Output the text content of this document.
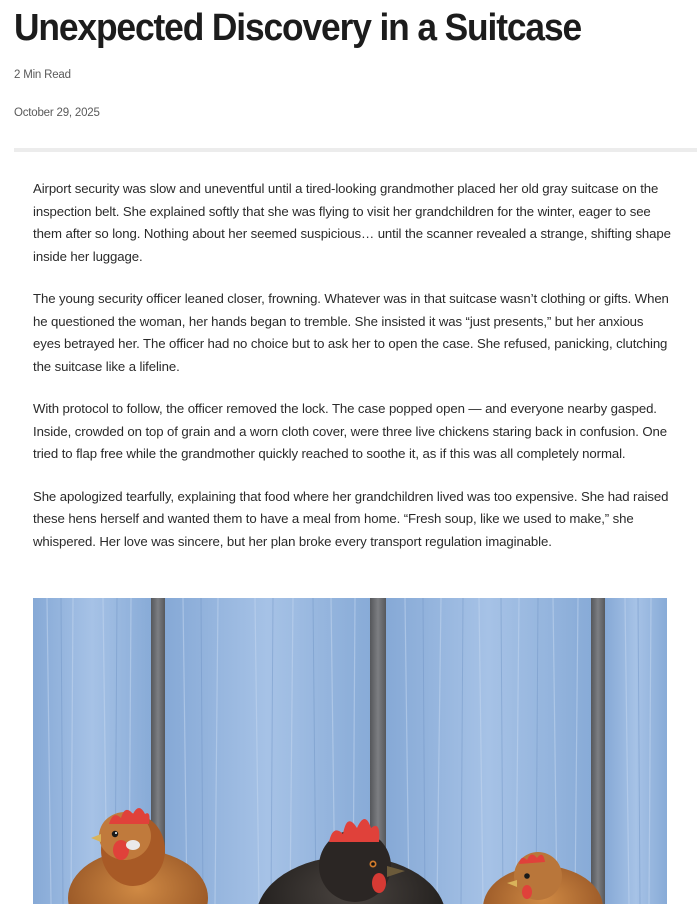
Unexpected Discovery in a Suitcase
2 Min Read
October 29, 2025

Airport security was slow and uneventful until a tired-looking grandmother placed her old gray suitcase on the inspection belt. She explained softly that she was flying to visit her grandchildren for the winter, eager to see them after so long. Nothing about her seemed suspicious… until the scanner revealed a strange, shifting shape inside her luggage.

The young security officer leaned closer, frowning. Whatever was in that suitcase wasn’t clothing or gifts. When he questioned the woman, her hands began to tremble. She insisted it was “just presents,” but her anxious eyes betrayed her. The officer had no choice but to ask her to open the case. She refused, panicking, clutching the suitcase like a lifeline.

With protocol to follow, the officer removed the lock. The case popped open — and everyone nearby gasped. Inside, crowded on top of grain and a worn cloth cover, were three live chickens staring back in confusion. One tried to flap free while the grandmother quickly reached to soothe it, as if this was all completely normal.

She apologized tearfully, explaining that food where her grandchildren lived was too expensive. She had raised these hens herself and wanted them to have a meal from home. “Fresh soup, like we used to make,” she whispered. Her love was sincere, but her plan broke every transport regulation imaginable.
